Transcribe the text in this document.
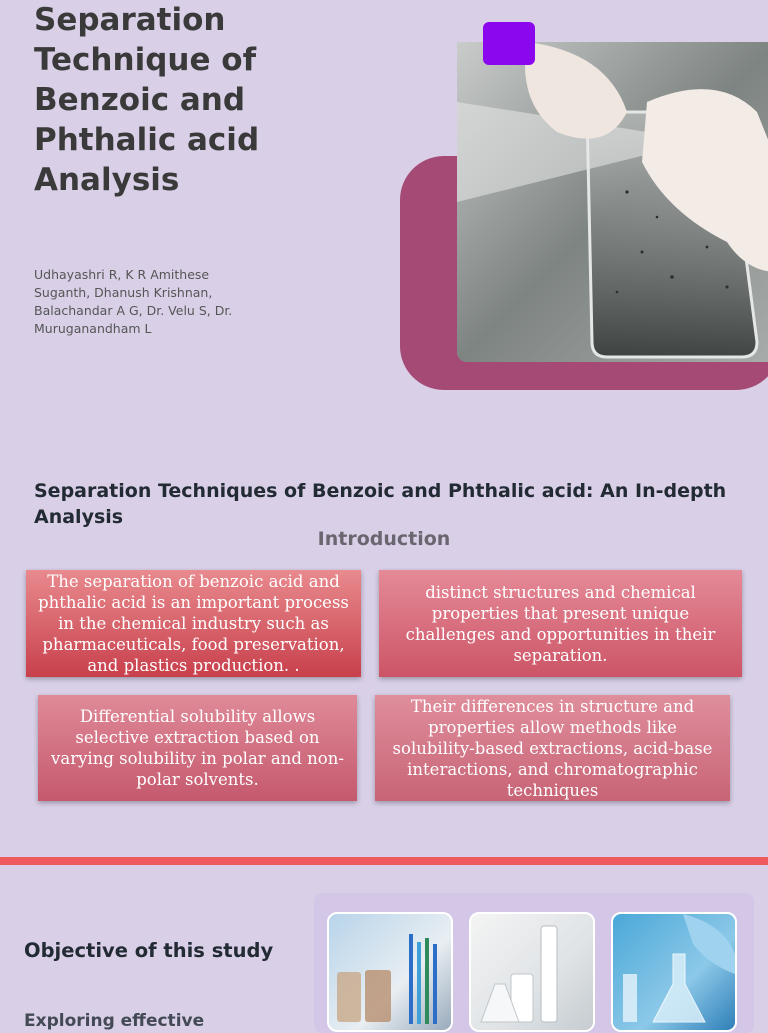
Separation Technique of Benzoic and Phthalic acid Analysis
Udhayashri R, K R Amithese Suganth, Dhanush Krishnan, Balachandar A G, Dr. Velu S, Dr. Muruganandham L
Separation Techniques of Benzoic and Phthalic acid: An In-depth Analysis
Introduction
The separation of benzoic acid and phthalic acid is an important process in the chemical industry such as pharmaceuticals, food preservation, and plastics production. .
distinct structures and chemical properties that present unique challenges and opportunities in their separation.
Differential solubility allows selective extraction based on varying solubility in polar and non-polar solvents.
Their differences in structure and properties allow methods like solubility-based extractions, acid-base interactions, and chromatographic techniques
Objective of this study
Exploring effective
